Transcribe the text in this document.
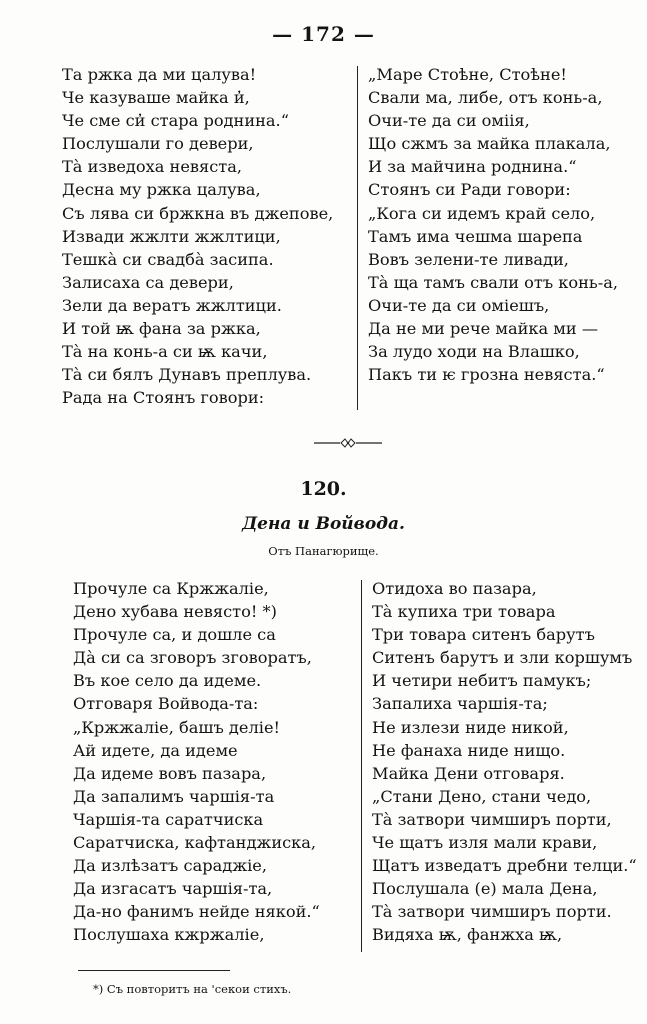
— 172 —
Та ржка да ми цалува!
Че казуваше майка и̓,
Че сме си̓ стара роднина.“
Послушали го девери,
Тà изведоха невяста,
Десна му ржка цалува,
Съ лява си бржкна въ джепове,
Извади жжлти жжлтици,
Тешкà си свадбà засипа.
Залисаха са девери,
Зели да вератъ жжлтици.
И той ѭ фана за ржка,
Тà на конь-а си ѭ качи,
Тà си бялъ Дунавъ преплува.
Рада на Стоянъ говори:
„Маре Стоѣне, Стоѣне!
Свали ма, либе, отъ конь-а,
Очи-те да си оміія,
Що сжмъ за майка плакала,
И за майчина роднина.“
Стоянъ си Ради говори:
„Кога си идемъ край село,
Тамъ има чешма шарепа
Вовъ зелени-те ливади,
Тà ща тамъ свали отъ конь-а,
Очи-те да си оміешъ,
Да не ми рече майка ми —
За лудо ходи на Влашко,
Пакъ ти ѥ грозна невяста.“
120.
Дена и Войвода.
Отъ Панагюрище.
Прочуле са Кржжаліе,
Дено хубава невясто! *)
Прочуле са, и дошле са
Дà си са зговоръ зговоратъ,
Въ кое село да идеме.
Отговаря Войвода-та:
„Кржжаліе, башъ деліе!
Ай идете, да идеме
Да идеме вовъ пазара,
Да запалимъ чаршія-та
Чаршія-та саратчиска
Саратчиска, кафтанджиска,
Да излѣзатъ сараджіе,
Да изгасатъ чаршія-та,
Да-но фанимъ нейде някой.“
Послушаха кжржаліе,
Отидоха во пазара,
Тà купиха три товара
Три товара ситенъ барутъ
Ситенъ барутъ и зли коршумъ
И четири небитъ памукъ;
Запалиха чаршія-та;
Не излези ниде никой,
Не фанаха ниде нищо.
Майка Дени отговаря.
„Стани Дено, стани чедо,
Тà затвори чимширъ порти,
Че щатъ изля мали крави,
Щатъ изведатъ дребни телци.“
Послушала (е) мала Дена,
Тà затвори чимширъ порти.
Видяха ѭ, фанжха ѭ,
*) Съ повторитъ на 'секои стихъ.
